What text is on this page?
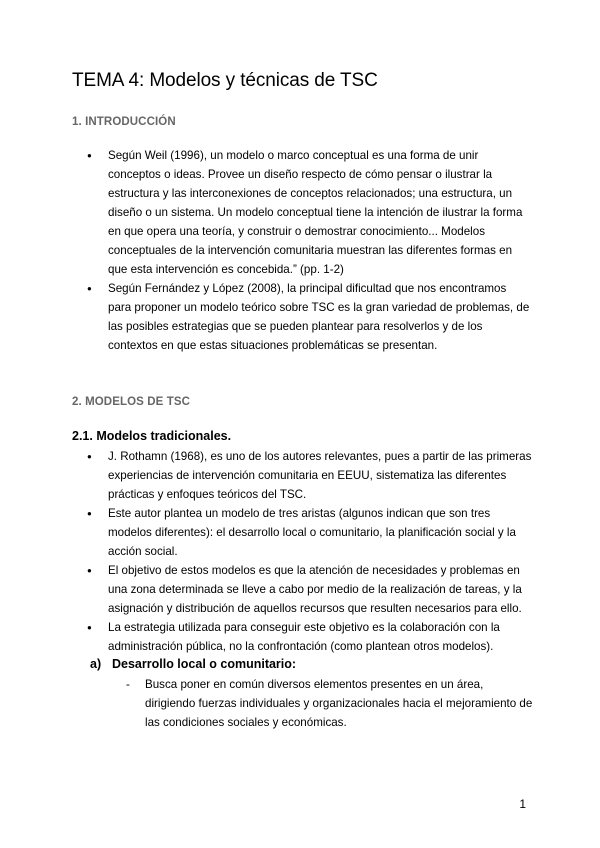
TEMA 4: Modelos y técnicas de TSC
1. INTRODUCCIÓN
● Según Weil (1996), un modelo o marco conceptual es una forma de unir conceptos o ideas. Provee un diseño respecto de cómo pensar o ilustrar la estructura y las interconexiones de conceptos relacionados; una estructura, un diseño o un sistema. Un modelo conceptual tiene la intención de ilustrar la forma en que opera una teoría, y construir o demostrar conocimiento... Modelos conceptuales de la intervención comunitaria muestran las diferentes formas en que esta intervención es concebida.” (pp. 1-2)
● Según Fernández y López (2008), la principal dificultad que nos encontramos para proponer un modelo teórico sobre TSC es la gran variedad de problemas, de las posibles estrategias que se pueden plantear para resolverlos y de los contextos en que estas situaciones problemáticas se presentan.
2. MODELOS DE TSC
2.1. Modelos tradicionales.
● J. Rothamn (1968), es uno de los autores relevantes, pues a partir de las primeras experiencias de intervención comunitaria en EEUU, sistematiza las diferentes prácticas y enfoques teóricos del TSC.
● Este autor plantea un modelo de tres aristas (algunos indican que son tres modelos diferentes): el desarrollo local o comunitario, la planificación social y la acción social.
● El objetivo de estos modelos es que la atención de necesidades y problemas en una zona determinada se lleve a cabo por medio de la realización de tareas, y la asignación y distribución de aquellos recursos que resulten necesarios para ello.
● La estrategia utilizada para conseguir este objetivo es la colaboración con la administración pública, no la confrontación (como plantean otros modelos).
a) Desarrollo local o comunitario:
- Busca poner en común diversos elementos presentes en un área, dirigiendo fuerzas individuales y organizacionales hacia el mejoramiento de las condiciones sociales y económicas.
1
